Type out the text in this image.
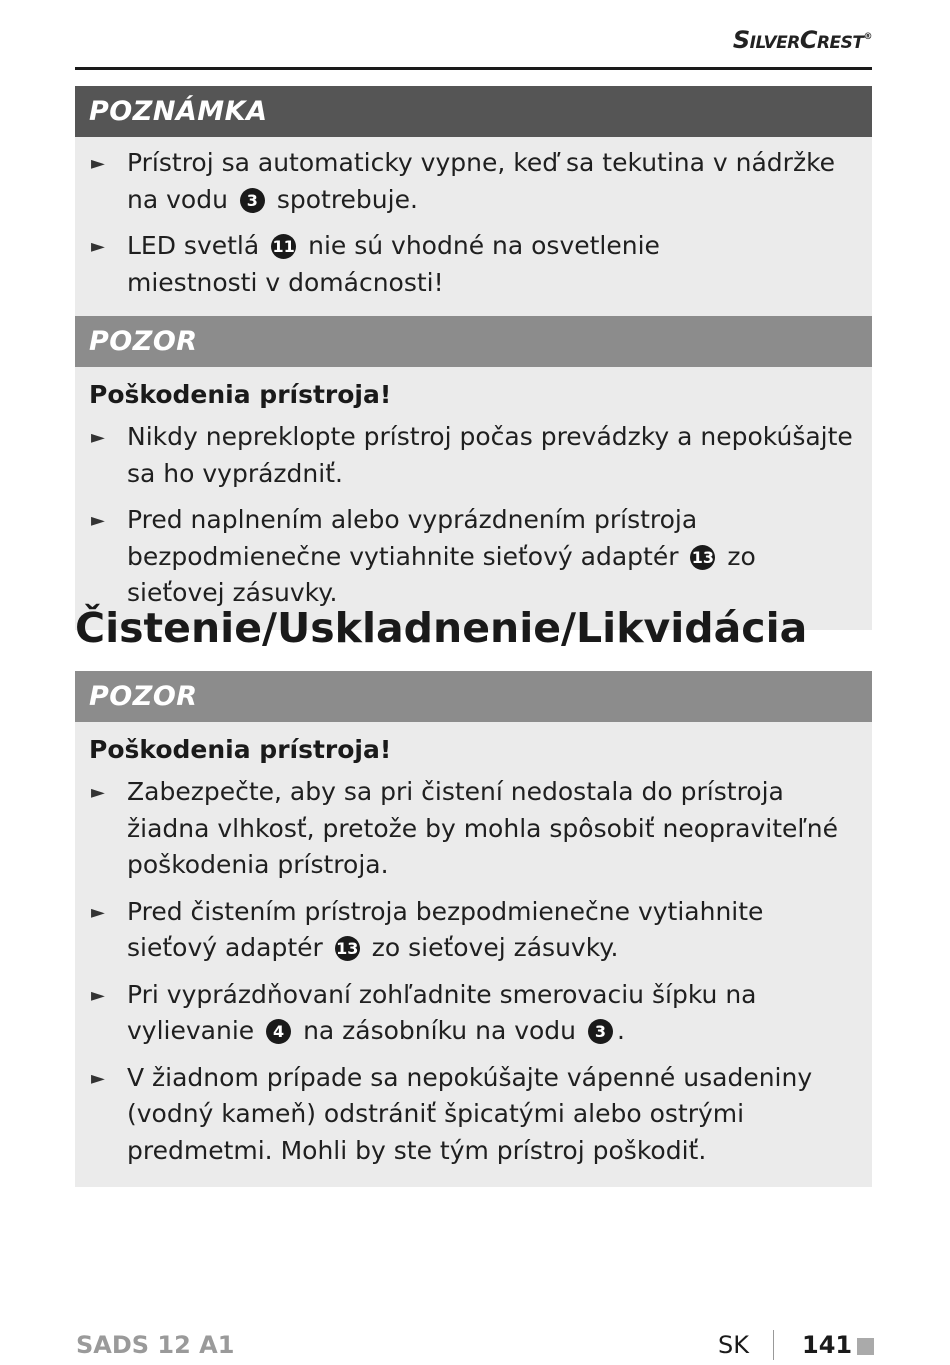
SilverCrest®
POZNÁMKA
► Prístroj sa automaticky vypne, keď sa tekutina v nádržke na vodu 3 spotrebuje.
► LED svetlá 11 nie sú vhodné na osvetlenie miestnosti v domácnosti!
POZOR
Poškodenia prístroja!
► Nikdy nepreklopte prístroj počas prevádzky a nepokúšajte sa ho vyprázdniť.
► Pred naplnením alebo vyprázdnením prístroja bezpodmienečne vytiahnite sieťový adaptér 13 zo sieťovej zásuvky.
Čistenie/Uskladnenie/Likvidácia
POZOR
Poškodenia prístroja!
► Zabezpečte, aby sa pri čistení nedostala do prístroja žiadna vlhkosť, pretože by mohla spôsobiť neopraviteľné poškodenia prístroja.
► Pred čistením prístroja bezpodmienečne vytiahnite sieťový adaptér 13 zo sieťovej zásuvky.
► Pri vyprázdňovaní zohľadnite smerovaciu šípku na vylievanie 4 na zásobníku na vodu 3 .
► V žiadnom prípade sa nepokúšajte vápenné usadeniny (vodný kameň) odstrániť špicatými alebo ostrými predmetmi. Mohli by ste tým prístroj poškodiť.
SADS 12 A1	SK 141
